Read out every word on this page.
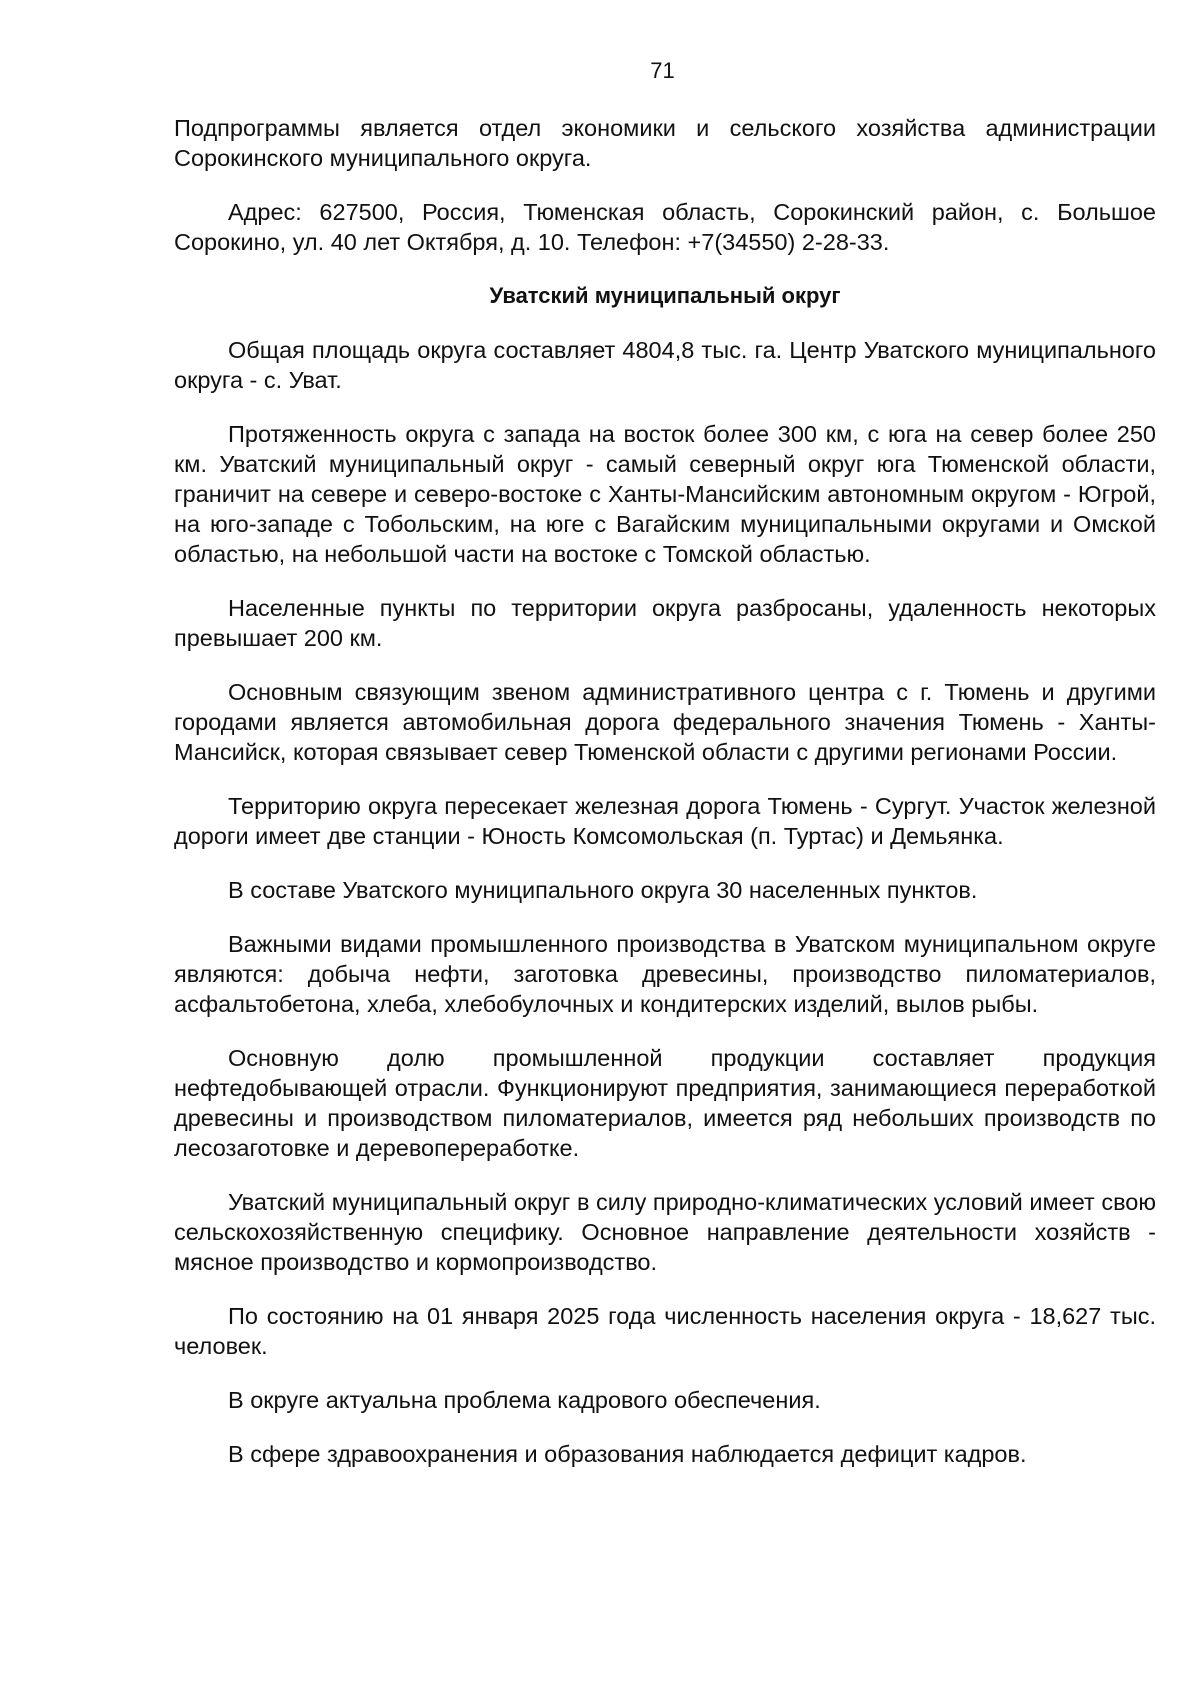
71

Подпрограммы является отдел экономики и сельского хозяйства администрации Сорокинского муниципального округа.

Адрес: 627500, Россия, Тюменская область, Сорокинский район, с. Большое Сорокино, ул. 40 лет Октября, д. 10. Телефон: +7(34550) 2-28-33.

Уватский муниципальный округ

Общая площадь округа составляет 4804,8 тыс. га. Центр Уватского муниципального округа - с. Уват.

Протяженность округа с запада на восток более 300 км, с юга на север более 250 км. Уватский муниципальный округ - самый северный округ юга Тюменской области, граничит на севере и северо-востоке с Ханты-Мансийским автономным округом - Югрой, на юго-западе с Тобольским, на юге с Вагайским муниципальными округами и Омской областью, на небольшой части на востоке с Томской областью.

Населенные пункты по территории округа разбросаны, удаленность некоторых превышает 200 км.

Основным связующим звеном административного центра с г. Тюмень и другими городами является автомобильная дорога федерального значения Тюмень - Ханты-Мансийск, которая связывает север Тюменской области с другими регионами России.

Территорию округа пересекает железная дорога Тюмень - Сургут. Участок железной дороги имеет две станции - Юность Комсомольская (п. Туртас) и Демьянка.

В составе Уватского муниципального округа 30 населенных пунктов.

Важными видами промышленного производства в Уватском муниципальном округе являются: добыча нефти, заготовка древесины, производство пиломатериалов, асфальтобетона, хлеба, хлебобулочных и кондитерских изделий, вылов рыбы.

Основную долю промышленной продукции составляет продукция нефтедобывающей отрасли. Функционируют предприятия, занимающиеся переработкой древесины и производством пиломатериалов, имеется ряд небольших производств по лесозаготовке и деревопереработке.

Уватский муниципальный округ в силу природно-климатических условий имеет свою сельскохозяйственную специфику. Основное направление деятельности хозяйств - мясное производство и кормопроизводство.

По состоянию на 01 января 2025 года численность населения округа - 18,627 тыс. человек.

В округе актуальна проблема кадрового обеспечения.

В сфере здравоохранения и образования наблюдается дефицит кадров.
